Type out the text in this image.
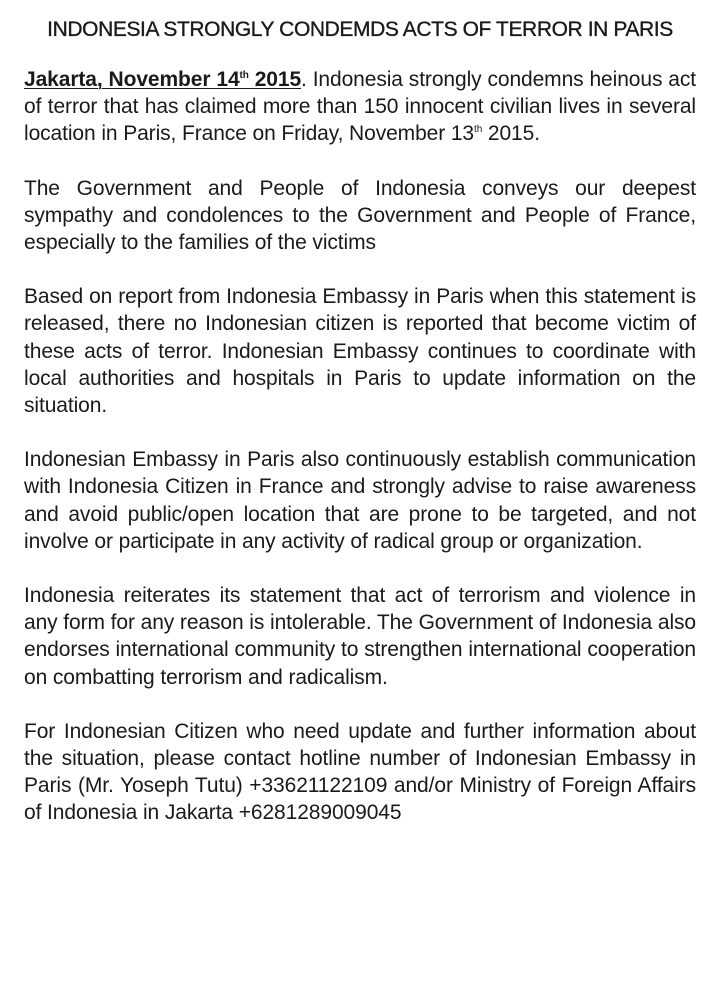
INDONESIA STRONGLY CONDEMDS ACTS OF TERROR IN PARIS

Jakarta, November 14th 2015. Indonesia strongly condemns heinous act of terror that has claimed more than 150 innocent civilian lives in several location in Paris, France on Friday, November 13th 2015.

The Government and People of Indonesia conveys our deepest sympathy and condolences to the Government and People of France, especially to the families of the victims

Based on report from Indonesia Embassy in Paris when this statement is released, there no Indonesian citizen is reported that become victim of these acts of terror. Indonesian Embassy continues to coordinate with local authorities and hospitals in Paris to update information on the situation.

Indonesian Embassy in Paris also continuously establish communication with Indonesia Citizen in France and strongly advise to raise awareness and avoid public/open location that are prone to be targeted, and not involve or participate in any activity of radical group or organization.

Indonesia reiterates its statement that act of terrorism and violence in any form for any reason is intolerable. The Government of Indonesia also endorses international community to strengthen international cooperation on combatting terrorism and radicalism.

For Indonesian Citizen who need update and further information about the situation, please contact hotline number of Indonesian Embassy in Paris (Mr. Yoseph Tutu) +33621122109 and/or Ministry of Foreign Affairs of Indonesia in Jakarta +6281289009045
